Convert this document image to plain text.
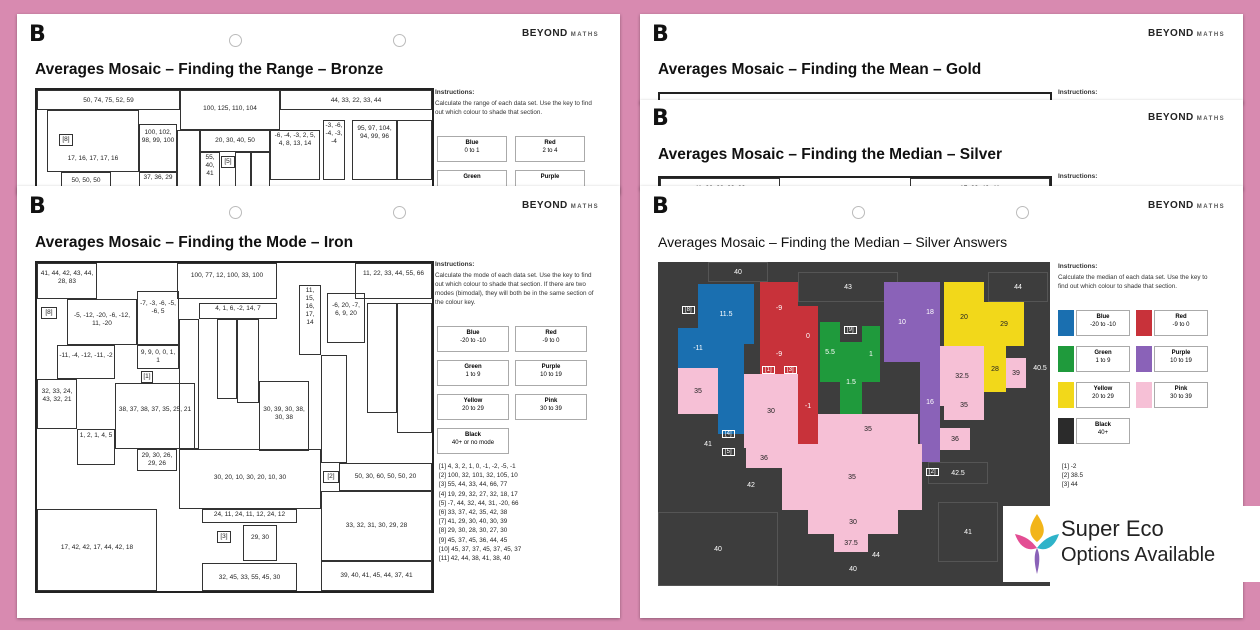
B	BEYOND MATHS
Averages Mosaic – Finding the Range – Bronze
50, 74, 75, 52, 59
100, 125, 110, 104
44, 33, 22, 33, 44
[8]
17, 16, 17, 17, 16
100, 102, 98, 99, 100	20, 30, 40, 50
-6, -4, -3, 2, 5, 4, 8, 13, 14
95, 97, 104, 94, 99, 96
50, 50, 50	37, 36, 29
[5]
-3, -6, -4, -3, -4
55, 40, 41
Instructions:
Calculate the range of each data set. Use the key to find out which colour to shade that section.
Blue
0 to 1
Red
2 to 4
Green	Purple
B	BEYOND MATHS
Averages Mosaic – Finding the Mode – Iron
41, 44, 42, 43, 44, 28, 83
100, 77, 12, 100, 33, 100	11, 22, 33, 44, 55, 66
[8]
-7, -3, -6, -5, -6, 5
-5, -12, -20, -6, -12, 11, -20
4, 1, 6, -2, 14, 7
11, 15, 16, 17, 14
-6, 20, -7, 6, 9, 20
-11, -4, -12, -11, -2	9, 9, 0, 0, 1, 1
[1]
32, 33, 24, 43, 32, 21
38, 37, 38, 37, 35, 25, 21	30, 39, 30, 38, 30, 38
1, 2, 1, 4, 5
29, 30, 26, 29, 26
30, 20, 10, 30, 20, 10, 30	[2]	50, 30, 60, 50, 50, 20
17, 42, 42, 17, 44, 42, 18
24, 11, 24, 11, 12, 24, 12
33, 32, 31, 30, 29, 28
32, 45, 33, 55, 45, 30	39, 40, 41, 45, 44, 37, 41
[3]	29, 30
Instructions:
Calculate the mode of each data set. Use the key to find out which colour to shade that section. If there are two modes (bimodal), they will both be in the same section of the colour key.
Blue
-20 to -10
Red
-9 to 0
Green
1 to 9
Purple
10 to 19
Yellow
20 to 29
Pink
30 to 39
Black
40+ or no mode
[1] 4, 3, 2, 1, 0, -1, -2, -5, -1
[2] 100, 32, 101, 32, 105, 10
[3] 55, 44, 33, 44, 66, 77
[4] 19, 29, 32, 27, 32, 18, 17
[5] -7, 44, 32, 44, 31, -20, 66
[6] 33, 37, 42, 35, 42, 38
[7] 41, 29, 30, 40, 30, 39
[8] 29, 30, 28, 30, 27, 30
[9] 45, 37, 45, 36, 44, 45
[10] 45, 37, 37, 45, 37, 45, 37
[11] 42, 44, 38, 41, 38, 40
B	BEYOND MATHS
Averages Mosaic – Finding the Mean – Gold
Instructions:
B	BEYOND MATHS
Averages Mosaic – Finding the Median – Silver
Instructions:
B	BEYOND MATHS
Averages Mosaic – Finding the Median – Silver Answers
40
43	44
41
42
40
42.5
40
41
40.5
11.5
-11
-9
-9
0
-1
5.5
1.5
1
10
18
16
20
29
28
39
32.5
35
30
35
36
35
36
35
30
37.5
44
[8]
[1]	[3]
[4]
[5]
[2]
[9]
Instructions:
Calculate the median of each data set. Use the key to find out which colour to shade that section.
Blue
-20 to -10
Red
-9 to 0
Green
1 to 9
Purple
10 to 19
Yellow
20 to 29
Pink
30 to 39
Black
40+
[1] -2
[2] 38.5
[3] 44
Super Eco
Options Available
